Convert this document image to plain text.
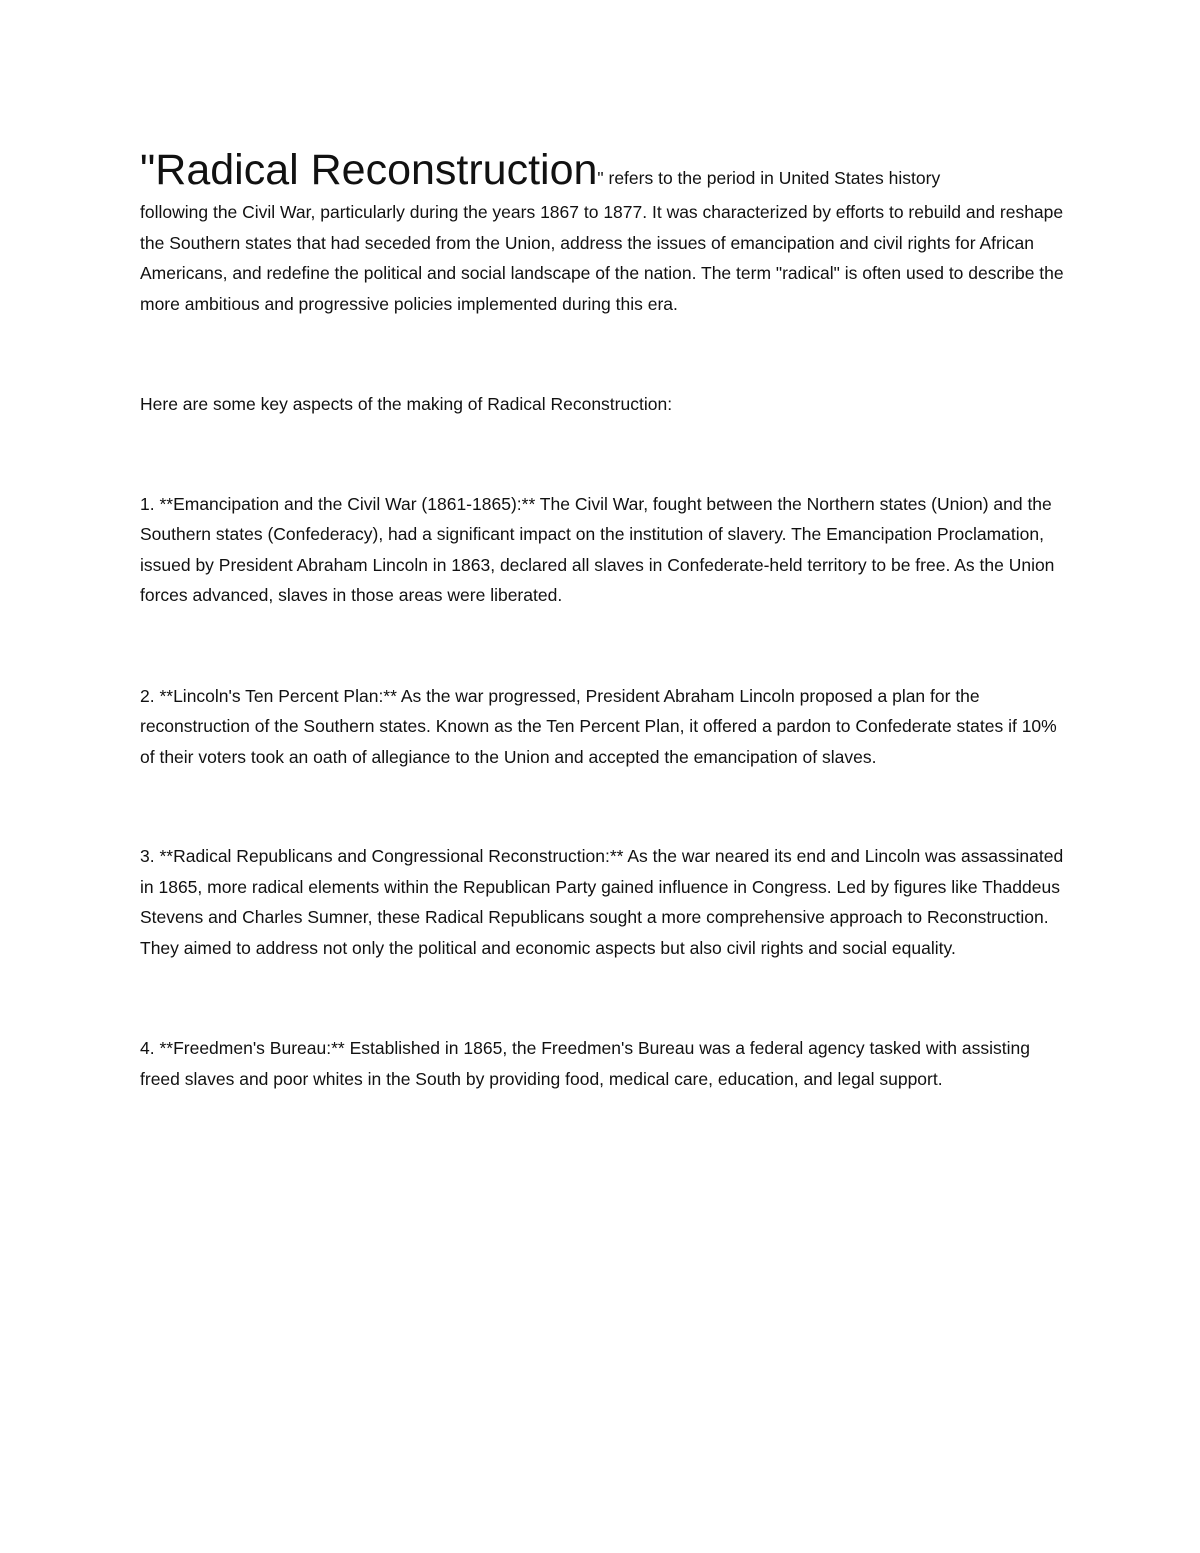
"Radical Reconstruction" refers to the period in United States history
following the Civil War, particularly during the years 1867 to 1877. It was characterized by efforts to rebuild and reshape the Southern states that had seceded from the Union, address the issues of emancipation and civil rights for African Americans, and redefine the political and social landscape of the nation. The term "radical" is often used to describe the more ambitious and progressive policies implemented during this era.

Here are some key aspects of the making of Radical Reconstruction:

1. **Emancipation and the Civil War (1861-1865):** The Civil War, fought between the Northern states (Union) and the Southern states (Confederacy), had a significant impact on the institution of slavery. The Emancipation Proclamation, issued by President Abraham Lincoln in 1863, declared all slaves in Confederate-held territory to be free. As the Union forces advanced, slaves in those areas were liberated.

2. **Lincoln's Ten Percent Plan:** As the war progressed, President Abraham Lincoln proposed a plan for the reconstruction of the Southern states. Known as the Ten Percent Plan, it offered a pardon to Confederate states if 10% of their voters took an oath of allegiance to the Union and accepted the emancipation of slaves.

3. **Radical Republicans and Congressional Reconstruction:** As the war neared its end and Lincoln was assassinated in 1865, more radical elements within the Republican Party gained influence in Congress. Led by figures like Thaddeus Stevens and Charles Sumner, these Radical Republicans sought a more comprehensive approach to Reconstruction. They aimed to address not only the political and economic aspects but also civil rights and social equality.

4. **Freedmen's Bureau:** Established in 1865, the Freedmen's Bureau was a federal agency tasked with assisting freed slaves and poor whites in the South by providing food, medical care, education, and legal support.
